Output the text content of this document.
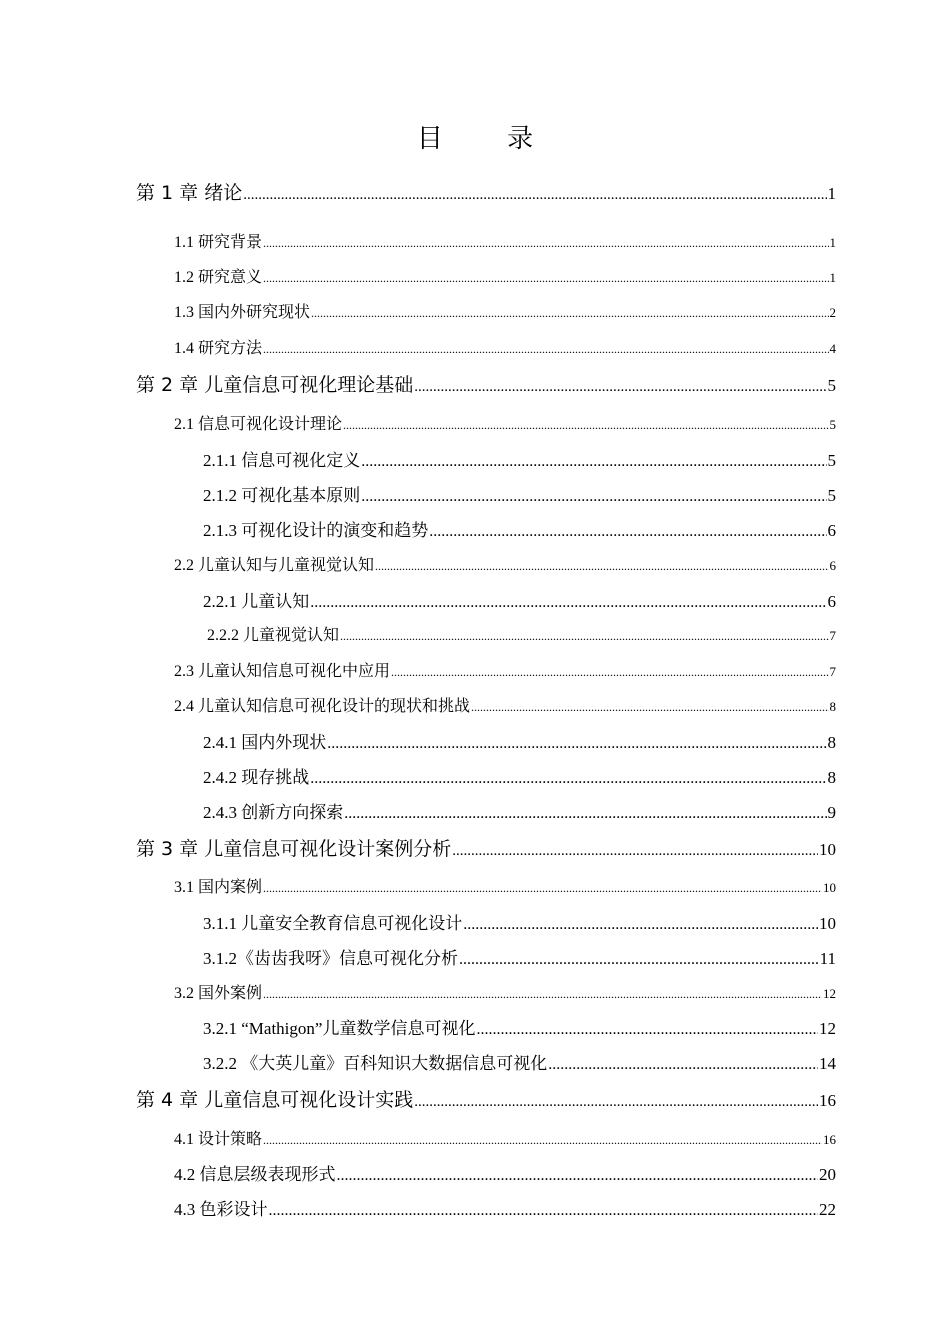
目 录
第 1 章 绪论 .....	1
1.1 研究背景 .....	1
1.2 研究意义 .....	1
1.3 国内外研究现状 .....	2
1.4 研究方法 .....	4
第 2 章 儿童信息可视化理论基础 .....	5
2.1 信息可视化设计理论 .....	5
2.1.1 信息可视化定义 .....	5
2.1.2 可视化基本原则 .....	5
2.1.3 可视化设计的演变和趋势 .....	6
2.2 儿童认知与儿童视觉认知 .....	6
2.2.1 儿童认知 .....	6
2.2.2 儿童视觉认知 .....	7
2.3 儿童认知信息可视化中应用 .....	7
2.4 儿童认知信息可视化设计的现状和挑战 .....	8
2.4.1 国内外现状 .....	8
2.4.2 现存挑战 .....	8
2.4.3 创新方向探索 .....	9
第 3 章 儿童信息可视化设计案例分析 .....	10
3.1 国内案例 .....	10
3.1.1 儿童安全教育信息可视化设计 .....	10
3.1.2《齿齿我呀》信息可视化分析 .....	11
3.2 国外案例 .....	12
3.2.1 “Mathigon”儿童数学信息可视化 .....	12
3.2.2 《大英儿童》百科知识大数据信息可视化 .....	14
第 4 章 儿童信息可视化设计实践 .....	16
4.1 设计策略 .....	16
4.2 信息层级表现形式 .....	20
4.3 色彩设计 .....	22
